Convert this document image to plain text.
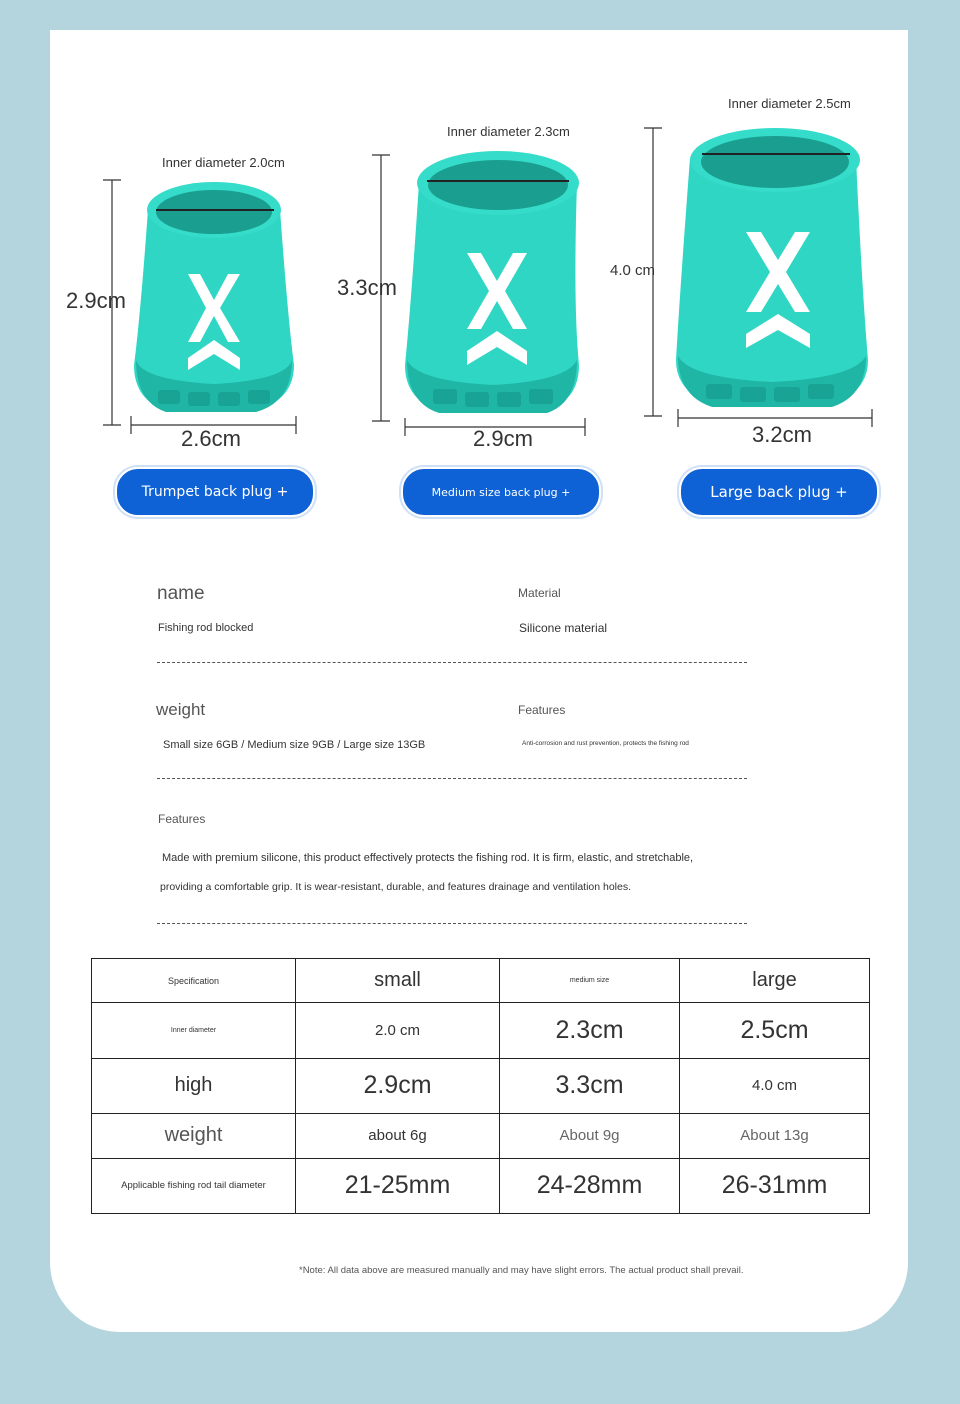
Inner diameter 2.0cm
2.9cm
2.6cm
Trumpet back plug +
Inner diameter 2.3cm
3.3cm
2.9cm
Medium size back plug +
Inner diameter 2.5cm
4.0 cm
3.2cm
Large back plug +
name
Fishing rod blocked
Material
Silicone material
weight
Small size 6GB / Medium size 9GB / Large size 13GB
Features
Anti-corrosion and rust prevention, protects the fishing rod
Features
Made with premium silicone, this product effectively protects the fishing rod. It is firm, elastic, and stretchable,
providing a comfortable grip. It is wear-resistant, durable, and features drainage and ventilation holes.
Specification	small	medium size	large
Inner diameter	2.0 cm	2.3cm	2.5cm
high	2.9cm	3.3cm	4.0 cm
weight	about 6g	About 9g	About 13g
Applicable fishing rod tail diameter	21-25mm	24-28mm	26-31mm
*Note: All data above are measured manually and may have slight errors. The actual product shall prevail.
